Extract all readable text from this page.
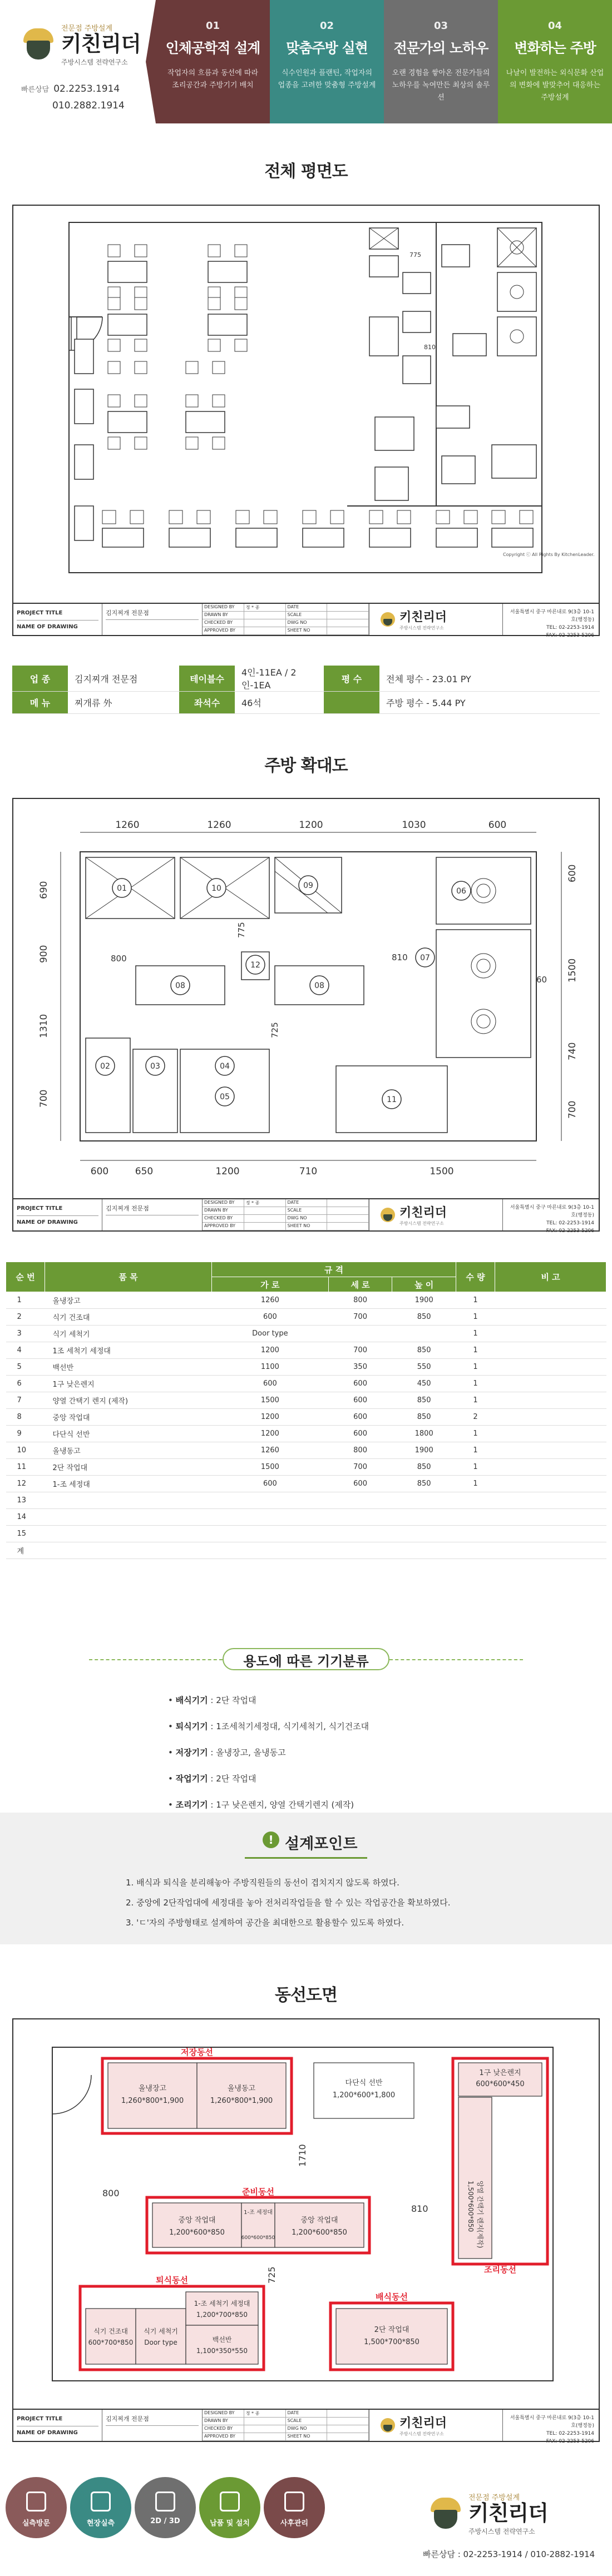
전문점 주방설계
키친리더
주방시스템 전략연구소
빠른상담 02.2253.1914
010.2882.1914
01
인체공학적 설계
작업자의 흐름과 동선에 따라 조리공간과 주방기기 배치
02
맞춤주방 실현
식수인원과 플랜틴, 작업자의 업종을 고려한 맞춤형 주방설계
03
전문가의 노하우
오랜 경험을 쌓아온 전문가들의 노하우를 녹여만든 최상의 솔루션
04
변화하는 주방
나날이 발전하는 외식문화 산업의 변화에 발맞추어 대응하는 주방설계
전체 평면도
775
810
Copyright ⓒ All Rights By KitchenLeader.
PROJECT TITLE
NAME OF DRAWING
김지찌개 전문점
DESIGNED BY	정 * 종	DATE
DRAWN BY	SCALE
CHECKED BY	DWG NO
APPROVED BY	SHEET NO
키친리더
주방시스템 전략연구소
서울특별시 중구 마른내로 9(3층 10-1호(행정동)
TEL: 02-2253-1914
FAX: 02-2253-5206
업 종	김지찌개 전문점	테이블수	4인-11EA / 2인-1EA	평 수	전체 평수 - 23.01 PY
메 뉴	찌개류 外	좌석수	46석		주방 평수 - 5.44 PY
주방 확대도
1260	1260	1200	1030	600
600	650	1200	710	1500
690
900
1310
700
600
1500
740
700
01	10	09
06
07
12
08	08
02	03	04
05	11
800
775
725
810
60
PROJECT TITLE
NAME OF DRAWING
김지찌개 전문점
DESIGNED BY	정 * 종	DATE
DRAWN BY	SCALE
CHECKED BY	DWG NO
APPROVED BY	SHEET NO
키친리더
주방시스템 전략연구소
서울특별시 중구 마른내로 9(3층 10-1호(행정동)
TEL: 02-2253-1914
FAX: 02-2253-5206
순 번	품 목	규 격			수 량	비 고
		가 로	세 로	높 이		
1	올냉장고	1260	800	1900	1	
2	식기 건조대	600	700	850	1	
3	식기 세척기	Door type			1	
4	1조 세척기 세정대	1200	700	850	1	
5	백선반	1100	350	550	1	
6	1구 낮은렌지	600	600	450	1	
7	양열 간택기 렌지 (제작)	1500	600	850	1	
8	중앙 작업대	1200	600	850	2	
9	다단식 선반	1200	600	1800	1	
10	올냉동고	1260	800	1900	1	
11	2단 작업대	1500	700	850	1	
12	1-조 세정대	600	600	850	1	
13						
14						
15						
계						
용도에 따른 기기분류
• 배식기기 : 2단 작업대
• 퇴식기기 : 1조세척기세정대, 식기세척기, 식기건조대
• 저장기기 : 올냉장고, 올냉동고
• 작업기기 : 2단 작업대
• 조리기기 : 1구 낮은렌지, 양열 간택기렌지 (제작)
! 설계포인트
1. 배식과 퇴식을 분리해놓아 주방직원들의 동선이 겹치지지 않도록 하였다.
2. 중앙에 2단작업대에 세정대를 놓아 전처리작업들을 할 수 있는 작업공간을 확보하였다.
3. 'ㄷ'자의 주방형태로 설계하여 공간을 최대한으로 활용할수 있도록 하였다.
동선도면
저장동선
준비동선
조리동선
퇴식동선
배식동선
올냉장고
1,260*800*1,900
올냉동고
1,260*800*1,900
다단식 선반
1,200*600*1,800
1구 낮은렌지
600*600*450
중앙 작업대
1,200*600*850
1-조 세정대
600*600*850
중앙 작업대
1,200*600*850
식기 건조대
600*700*850
식기 세척기
Door type
1-조 세척기 세정대
1,200*700*850
백선반
1,100*350*550
2단 작업대
1,500*700*850
양열 간택기 렌지(제작)
1,500*600*850
1710
800
810
725
PROJECT TITLE
NAME OF DRAWING
김지찌개 전문점
DESIGNED BY	정 * 종	DATE
DRAWN BY	SCALE
CHECKED BY	DWG NO
APPROVED BY	SHEET NO
키친리더
주방시스템 전략연구소
서울특별시 중구 마른내로 9(3층 10-1호(행정동)
TEL: 02-2253-1914
FAX: 02-2253-5206
실측방문	현장실측	2D / 3D	납품 및 설치	사후관리
전문점 주방설계
키친리더
주방시스템 전략연구소
빠른상담 : 02-2253-1914 / 010-2882-1914
